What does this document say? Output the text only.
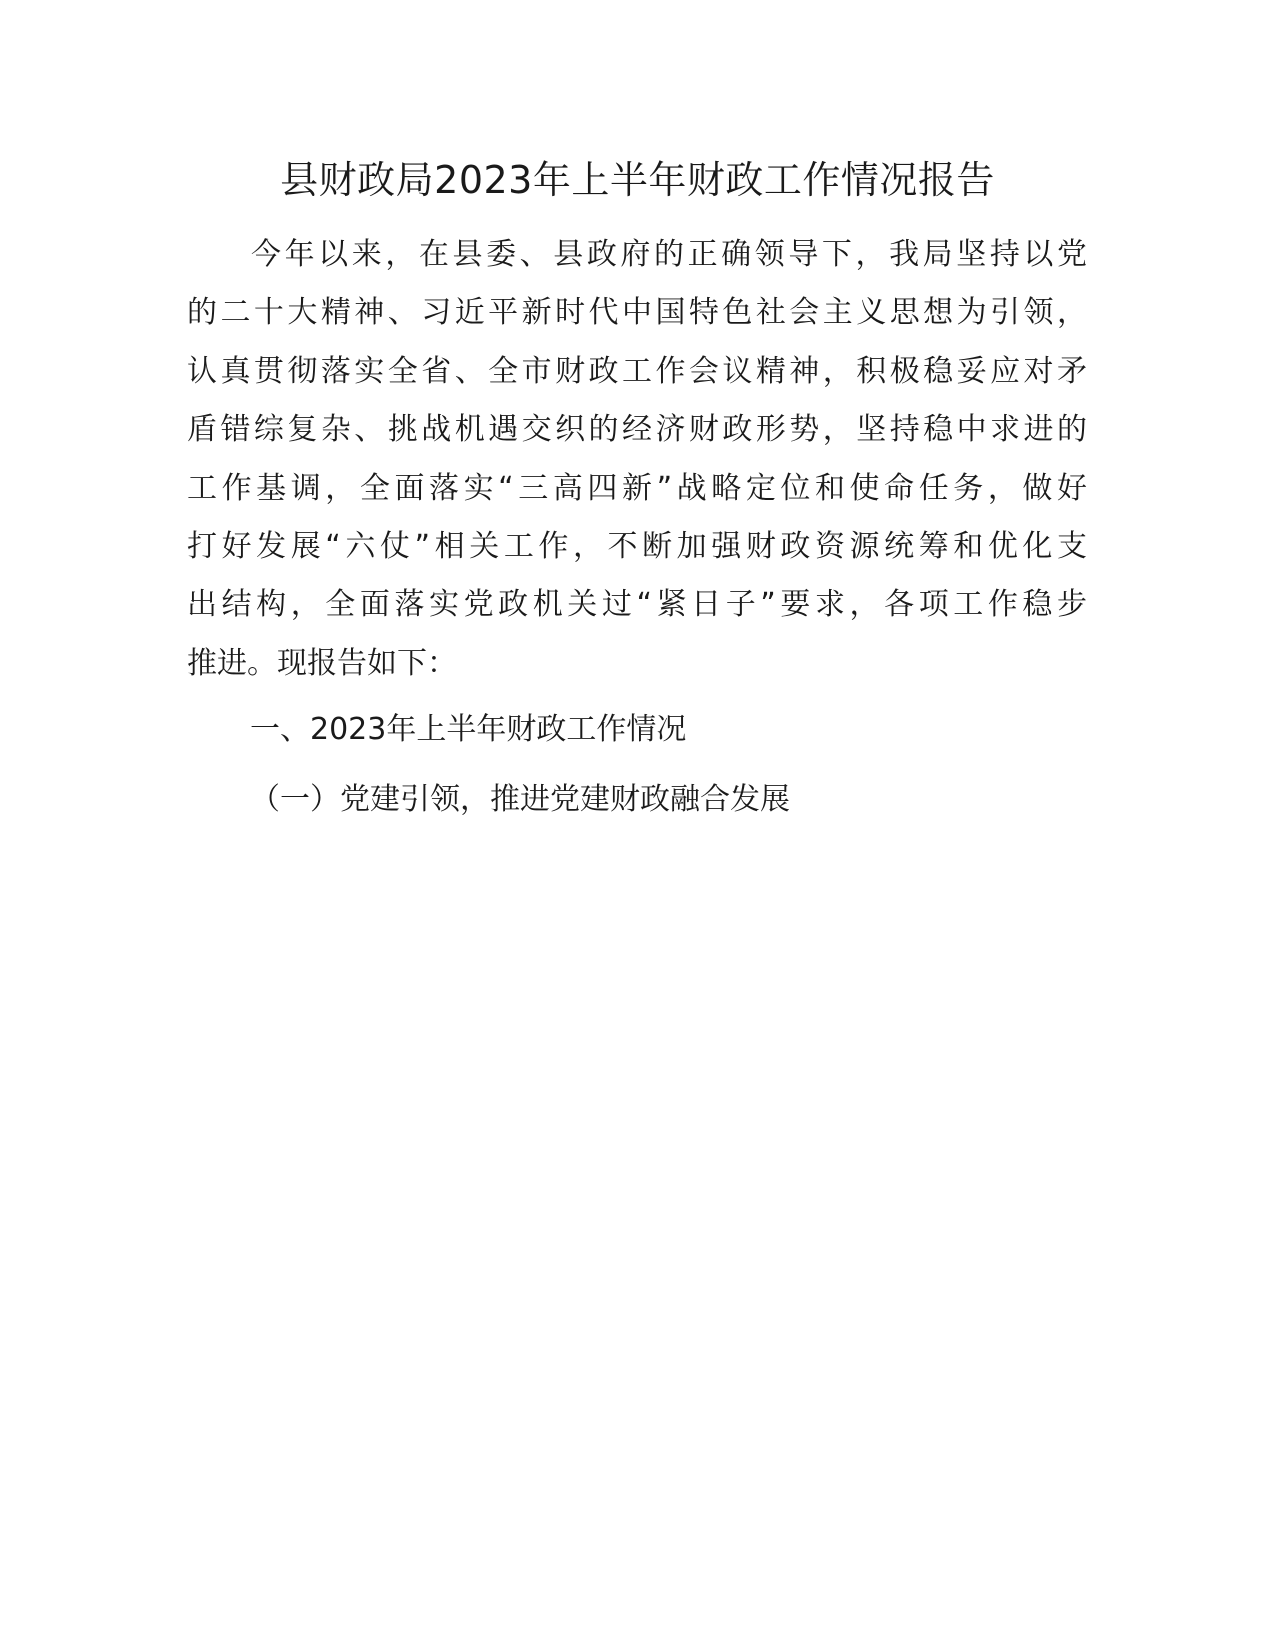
县财政局2023年上半年财政工作情况报告
今年以来，在县委、县政府的正确领导下，我局坚持以党
的二十大精神、习近平新时代中国特色社会主义思想为引领，
认真贯彻落实全省、全市财政工作会议精神，积极稳妥应对矛
盾错综复杂、挑战机遇交织的经济财政形势，坚持稳中求进的
工作基调，全面落实“三高四新”战略定位和使命任务，做好
打好发展“六仗”相关工作，不断加强财政资源统筹和优化支
出结构，全面落实党政机关过“紧日子”要求，各项工作稳步
推进。现报告如下：
一、2023年上半年财政工作情况
（一）党建引领，推进党建财政融合发展
